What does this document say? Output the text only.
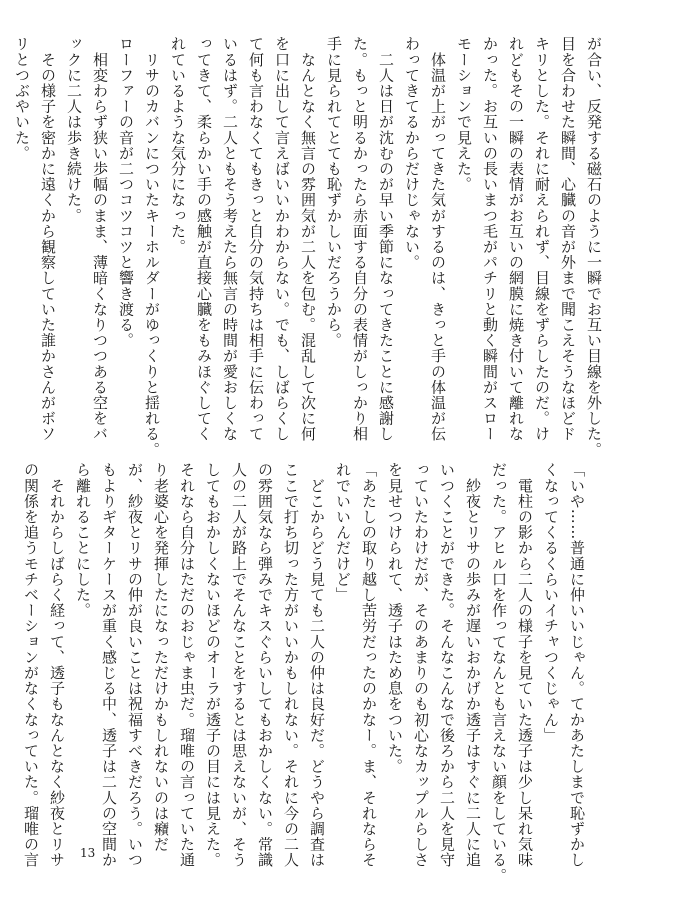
が合い、反発する磁石のように一瞬でお互い目線を外した。

目を合わせた瞬間、心臓の音が外まで聞こえそうなほどド

キリとした。それに耐えられず、目線をずらしたのだ。け

れどもその一瞬の表情がお互いの網膜に焼き付いて離れな

かった。お互いの長いまつ毛がパチリと動く瞬間がスロー

モーションで見えた。

　体温が上がってきた気がするのは、きっと手の体温が伝

わってきてるからだけじゃない。

　二人は日が沈むのが早い季節になってきたことに感謝し

た。もっと明るかったら赤面する自分の表情がしっかり相

手に見られてとても恥ずかしいだろうから。

　なんとなく無言の雰囲気が二人を包む。混乱して次に何

を口に出して言えばいいかわからない。でも、しばらくし

て何も言わなくてもきっと自分の気持ちは相手に伝わって

いるはず。二人ともそう考えたら無言の時間が愛おしくな

ってきて、柔らかい手の感触が直接心臓をもみほぐしてく

れているような気分になった。

　リサのカバンについたキーホルダーがゆっくりと揺れる。

ローファーの音が二つコツコツと響き渡る。

　相変わらず狭い歩幅のまま、薄暗くなりつつある空をバ

ックに二人は歩き続けた。

　その様子を密かに遠くから観察していた誰かさんがボソ

リとつぶやいた。

「いや……普通に仲いいじゃん。てかあたしまで恥ずかし

くなってくるくらいイチャつくじゃん」

　電柱の影から二人の様子を見ていた透子は少し呆れ気味

だった。アヒル口を作ってなんとも言えない顔をしている。

　紗夜とリサの歩みが遅いおかげか透子はすぐに二人に追

いつくことができた。そんなこんなで後ろから二人を見守

っていたわけだが、そのあまりのも初心なカップルらしさ

を見せつけられて、透子はため息をついた。

「あたしの取り越し苦労だったのかなー。ま、それならそ

れでいいんだけど」

　どこからどう見ても二人の仲は良好だ。どうやら調査は

ここで打ち切った方がいいかもしれない。それに今の二人

の雰囲気なら弾みでキスぐらいしてもおかしくない。常識

人の二人が路上でそんなことをするとは思えないが、そう

してもおかしくないほどのオーラが透子の目には見えた。

それなら自分はただのおじゃま虫だ。瑠唯の言っていた通

り老婆心を発揮したになっただけかもしれないのは癪だ

が、紗夜とリサの仲が良いことは祝福すべきだろう。いつ

もよりギターケースが重く感じる中、透子は二人の空間か

ら離れることにした。

　それからしばらく経って、透子もなんとなく紗夜とリサ

の関係を追うモチベーションがなくなっていた。瑠唯の言	13
